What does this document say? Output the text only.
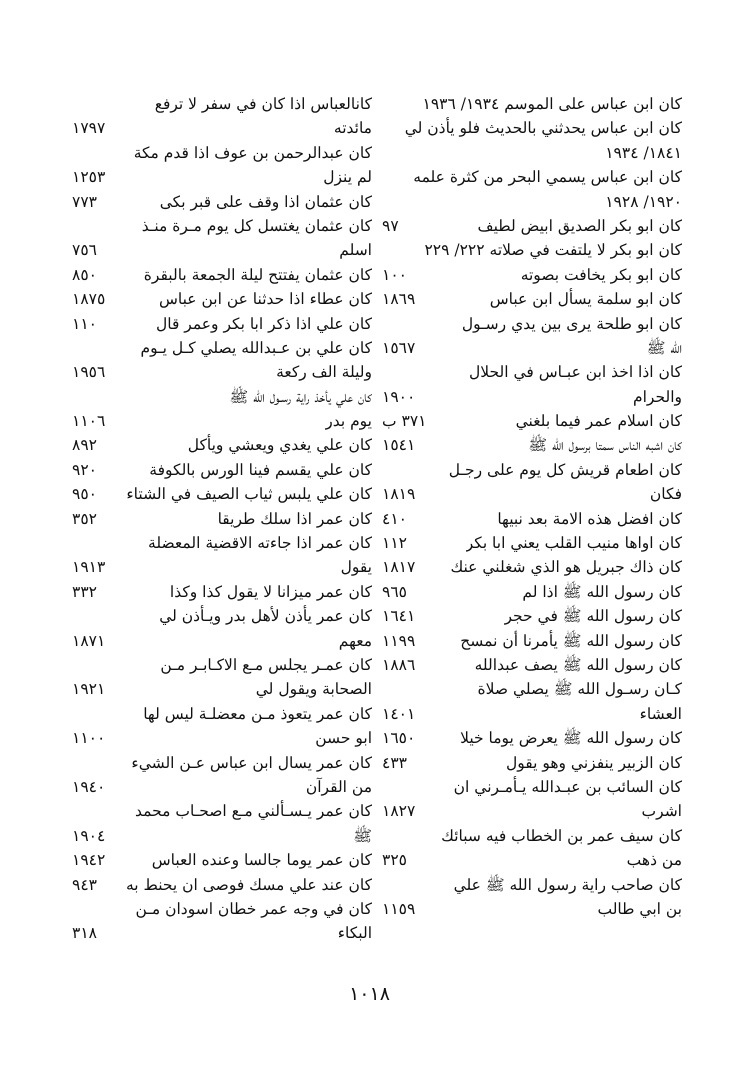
كان ابن عباس على الموسم ١٩٣٤/ ١٩٣٦
كان ابن عباس يحدثني بالحديث فلو يأذن لي
١٨٤١/ ١٩٣٤
كان ابن عباس يسمي البحر من كثرة علمه
١٩٢٠/ ١٩٢٨
كان ابو بكر الصديق ابيض لطيف
٩٧
كان ابو بكر لا يلتفت في صلاته ٢٢٢/ ٢٢٩
كان ابو بكر يخافت بصوته
١٠٠
كان ابو سلمة يسأل ابن عباس
١٨٦٩
كان ابو طلحة يرى بين يدي رسـول
الله ﷺ
١٥٦٧
كان اذا اخذ ابن عبـاس في الحلال
والحرام
١٩٠٠
كان اسلام عمر فيما بلغني
٣٧١ ب
كان اشبه الناس سمتا برسول الله ﷺ
١٥٤١
كان اطعام قريش كل يوم على رجـل
فكان
١٨١٩
كان افضل هذه الامة بعد نبيها
٤١٠
كان اواها منيب القلب يعني ابا بكر
١١٢
كان ذاك جبريل هو الذي شغلني عنك
١٨١٧
كان رسول الله ﷺ اذا لم
٩٦٥
كان رسول الله ﷺ في حجر
١٦٤١
كان رسول الله ﷺ يأمرنا أن نمسح
١١٩٩
كان رسول الله ﷺ يصف عبدالله
١٨٨٦
كـان رسـول الله ﷺ يصلي صلاة
العشاء
١٤٠١
كان رسول الله ﷺ يعرض يوما خيلا
١٦٥٠
كان الزبير ينفزني وهو يقول
٤٣٣
كان السائب بن عبـدالله يـأمـرني ان
اشرب
١٨٢٧
كان سيف عمر بن الخطاب فيه سبائك
من ذهب
٣٢٥
كان صاحب راية رسول الله ﷺ علي
بن ابي طالب
١١٥٩
كانالعباس اذا كان في سفر لا ترفع
مائدته
١٧٩٧
كان عبدالرحمن بن عوف اذا قدم مكة
لم ينزل
١٢٥٣
كان عثمان اذا وقف على قبر بكى
٧٧٣
كان عثمان يغتسل كل يوم مـرة منـذ
اسلم
٧٥٦
كان عثمان يفتتح ليلة الجمعة بالبقرة
٨٥٠
كان عطاء اذا حدثنا عن ابن عباس
١٨٧٥
كان علي اذا ذكر ابا بكر وعمر قال
١١٠
كان علي بن عـبدالله يصلي كـل يـوم
وليلة الف ركعة
١٩٥٦
كان علي يأخذ راية رسـول الله ﷺ
يوم بدر
١١٠٦
كان علي يغدي ويعشي ويأكل
٨٩٢
كان علي يقسم فينا الورس بالكوفة
٩٢٠
كان علي يلبس ثياب الصيف في الشتاء
٩٥٠
كان عمر اذا سلك طريقا
٣٥٢
كان عمر اذا جاءته الاقضية المعضلة
يقول
١٩١٣
كان عمر ميزانا لا يقول كذا وكذا
٣٣٢
كان عمر يأذن لأهل بدر ويـأذن لي
معهم
١٨٧١
كان عمـر يجلس مـع الاكـابـر مـن
الصحابة ويقول لي
١٩٢١
كان عمر يتعوذ مـن معضلـة ليس لها
ابو حسن
١١٠٠
كان عمر يسال ابن عباس عـن الشيء
من القرآن
١٩٤٠
كان عمر يـسـألني مـع اصحـاب محمد
ﷺ
١٩٠٤
كان عمر يوما جالسا وعنده العباس
١٩٤٢
كان عند علي مسك فوصى ان يحنط به
٩٤٣
كان في وجه عمر خطان اسودان مـن
البكاء
٣١٨
١٠١٨
